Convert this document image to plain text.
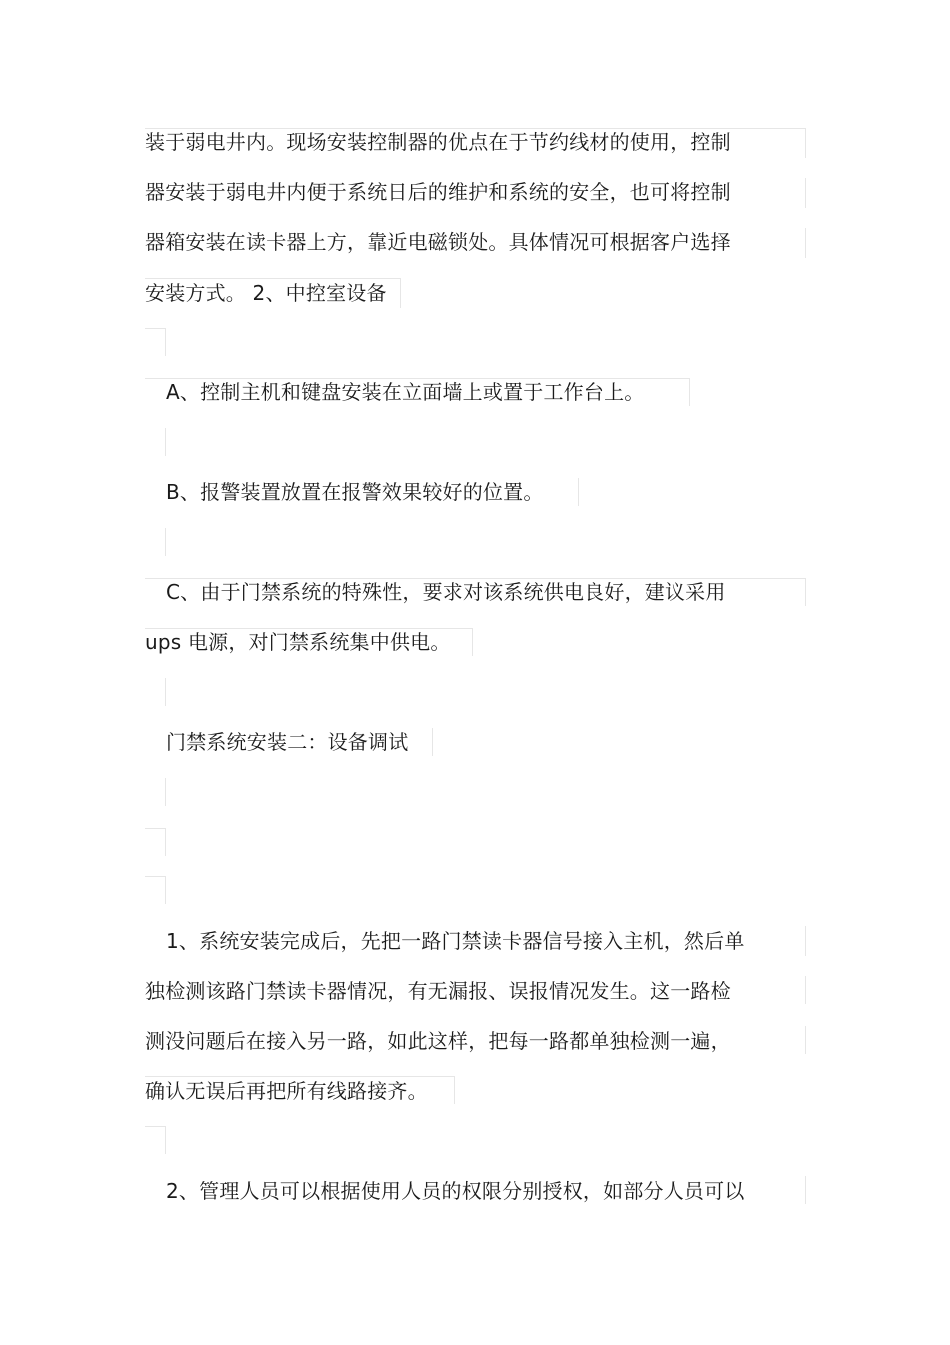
装于弱电井内。现场安装控制器的优点在于节约线材的使用，控制
器安装于弱电井内便于系统日后的维护和系统的安全，也可将控制
器箱安装在读卡器上方，靠近电磁锁处。具体情况可根据客户选择
安装方式。 2、中控室设备
A、控制主机和键盘安装在立面墙上或置于工作台上。
B、报警装置放置在报警效果较好的位置。
C、由于门禁系统的特殊性，要求对该系统供电良好，建议采用
ups 电源，对门禁系统集中供电。
门禁系统安装二：设备调试
1、系统安装完成后，先把一路门禁读卡器信号接入主机，然后单
独检测该路门禁读卡器情况，有无漏报、误报情况发生。这一路检
测没问题后在接入另一路，如此这样，把每一路都单独检测一遍，
确认无误后再把所有线路接齐。
2、管理人员可以根据使用人员的权限分别授权，如部分人员可以
